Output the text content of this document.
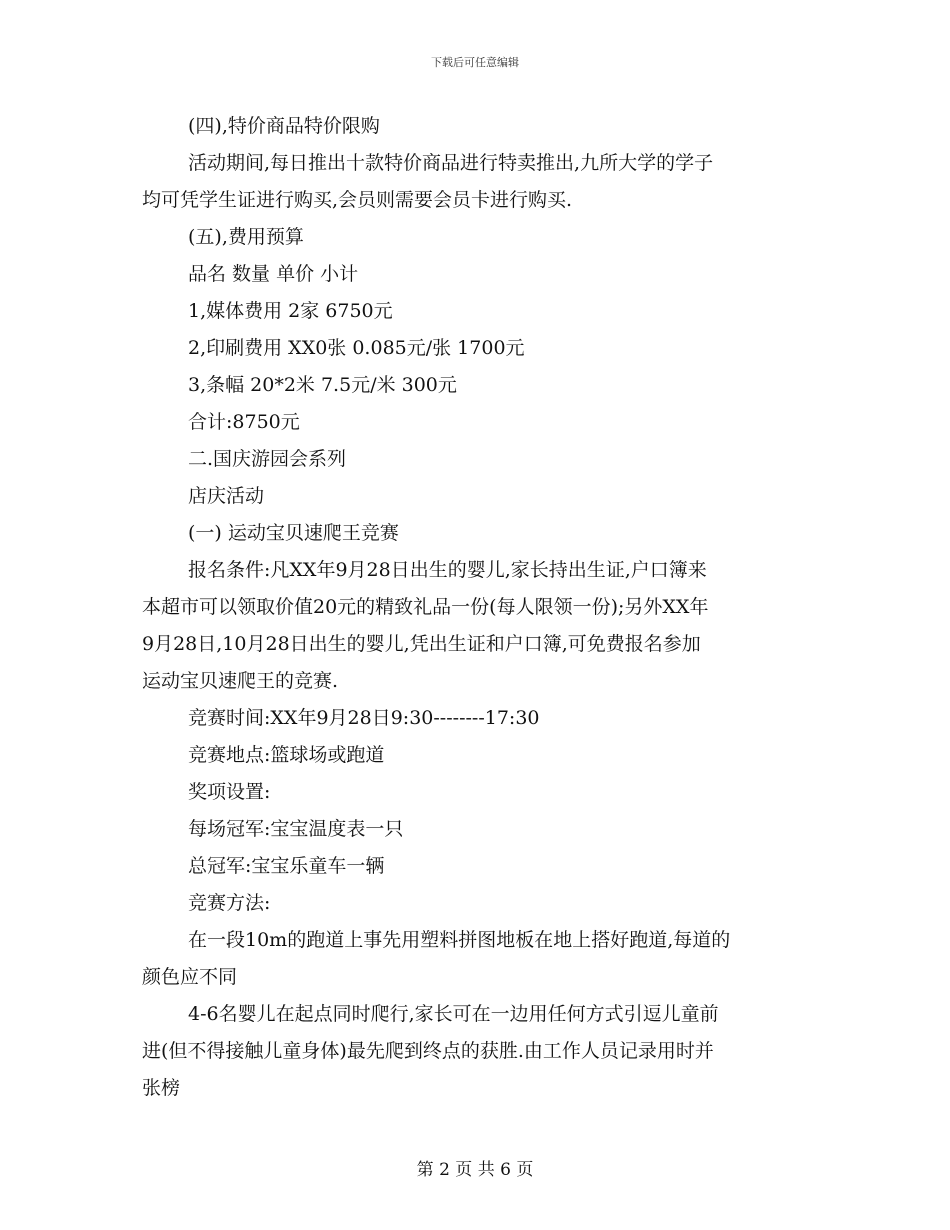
下载后可任意编辑
(四),特价商品特价限购
活动期间,每日推出十款特价商品进行特卖推出,九所大学的学子
均可凭学生证进行购买,会员则需要会员卡进行购买.
(五),费用预算
品名 数量 单价 小计
1,媒体费用 2家 6750元
2,印刷费用 XX0张 0.085元/张 1700元
3,条幅 20*2米 7.5元/米 300元
合计:8750元
二.国庆游园会系列
店庆活动
(一) 运动宝贝速爬王竞赛
报名条件:凡XX年9月28日出生的婴儿,家长持出生证,户口簿来
本超市可以领取价值20元的精致礼品一份(每人限领一份);另外XX年
9月28日,10月28日出生的婴儿,凭出生证和户口簿,可免费报名参加
运动宝贝速爬王的竞赛.
竞赛时间:XX年9月28日9:30--------17:30
竞赛地点:篮球场或跑道
奖项设置:
每场冠军:宝宝温度表一只
总冠军:宝宝乐童车一辆
竞赛方法:
在一段10m的跑道上事先用塑料拼图地板在地上搭好跑道,每道的
颜色应不同
4-6名婴儿在起点同时爬行,家长可在一边用任何方式引逗儿童前
进(但不得接触儿童身体)最先爬到终点的获胜.由工作人员记录用时并
张榜
第 2 页 共 6 页
